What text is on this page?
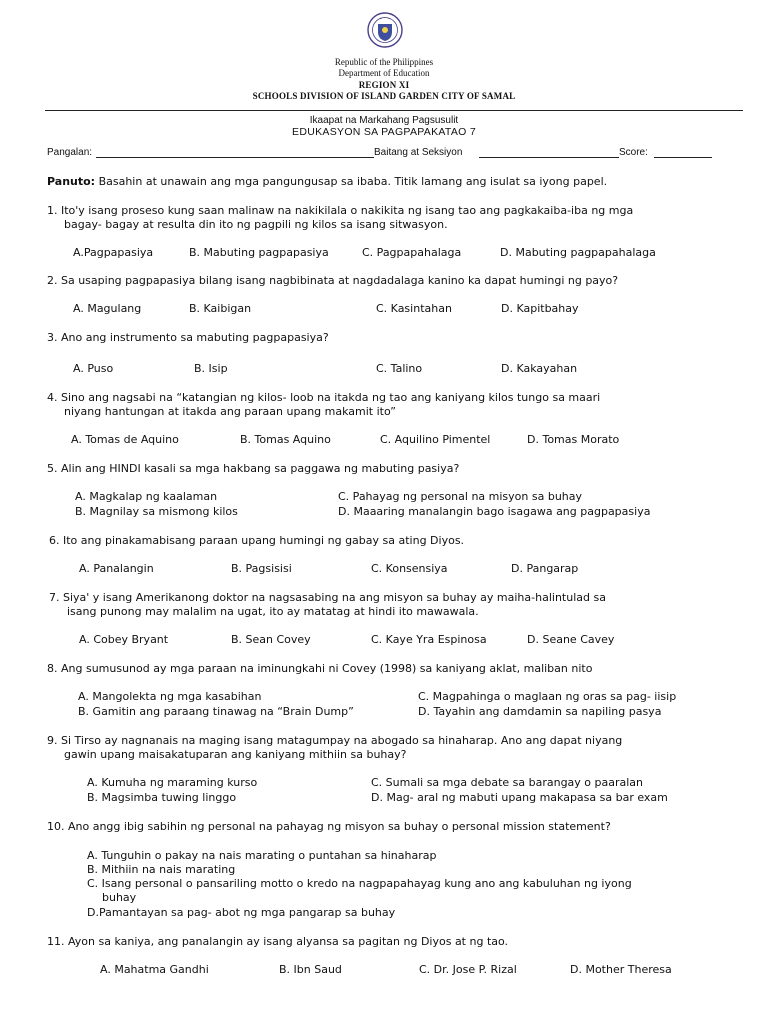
Republic of the Philippines
Department of Education
REGION XI
SCHOOLS DIVISION OF ISLAND GARDEN CITY OF SAMAL
Ikaapat na Markahang Pagsusulit
EDUKASYON SA PAGPAPAKATAO 7
Pangalan:	Baitang at Seksiyon	Score:
Panuto: Basahin at unawain ang mga pangungusap sa ibaba. Titik lamang ang isulat sa iyong papel.
1. Ito'y isang proseso kung saan malinaw na nakikilala o nakikita ng isang tao ang pagkakaiba-iba ng mga
bagay- bagay at resulta din ito ng pagpili ng kilos sa isang sitwasyon.
A.Pagpapasiya	B. Mabuting pagpapasiya	C. Pagpapahalaga	D. Mabuting pagpapahalaga
2. Sa usaping pagpapasiya bilang isang nagbibinata at nagdadalaga kanino ka dapat humingi ng payo?
A. Magulang	B. Kaibigan	C. Kasintahan	D. Kapitbahay
3. Ano ang instrumento sa mabuting pagpapasiya?
A. Puso	B. Isip	C. Talino	D. Kakayahan
4. Sino ang nagsabi na “katangian ng kilos- loob na itakda ng tao ang kaniyang kilos tungo sa maari
niyang hantungan at itakda ang paraan upang makamit ito”
A. Tomas de Aquino	B. Tomas Aquino	C. Aquilino Pimentel	D. Tomas Morato
5. Alin ang HINDI kasali sa mga hakbang sa paggawa ng mabuting pasiya?
A. Magkalap ng kaalaman	C. Pahayag ng personal na misyon sa buhay
B. Magnilay sa mismong kilos	D. Maaaring manalangin bago isagawa ang pagpapasiya
6. Ito ang pinakamabisang paraan upang humingi ng gabay sa ating Diyos.
A. Panalangin	B. Pagsisisi	C. Konsensiya	D. Pangarap
7. Siya' y isang Amerikanong doktor na nagsasabing na ang misyon sa buhay ay maiha-halintulad sa
isang punong may malalim na ugat, ito ay matatag at hindi ito mawawala.
A. Cobey Bryant	B. Sean Covey	C. Kaye Yra Espinosa	D. Seane Cavey
8. Ang sumusunod ay mga paraan na iminungkahi ni Covey (1998) sa kaniyang aklat, maliban nito
A. Mangolekta ng mga kasabihan	C. Magpahinga o maglaan ng oras sa pag- iisip
B. Gamitin ang paraang tinawag na “Brain Dump”	D. Tayahin ang damdamin sa napiling pasya
9. Si Tirso ay nagnanais na maging isang matagumpay na abogado sa hinaharap. Ano ang dapat niyang
gawin upang maisakatuparan ang kaniyang mithiin sa buhay?
A. Kumuha ng maraming kurso	C. Sumali sa mga debate sa barangay o paaralan
B. Magsimba tuwing linggo	D. Mag- aral ng mabuti upang makapasa sa bar exam
10. Ano angg ibig sabihin ng personal na pahayag ng misyon sa buhay o personal mission statement?
A. Tunguhin o pakay na nais marating o puntahan sa hinaharap
B. Mithiin na nais marating
C. Isang personal o pansariling motto o kredo na nagpapahayag kung ano ang kabuluhan ng iyong
buhay
D.Pamantayan sa pag- abot ng mga pangarap sa buhay
11. Ayon sa kaniya, ang panalangin ay isang alyansa sa pagitan ng Diyos at ng tao.
A. Mahatma Gandhi	B. Ibn Saud	C. Dr. Jose P. Rizal	D. Mother Theresa
